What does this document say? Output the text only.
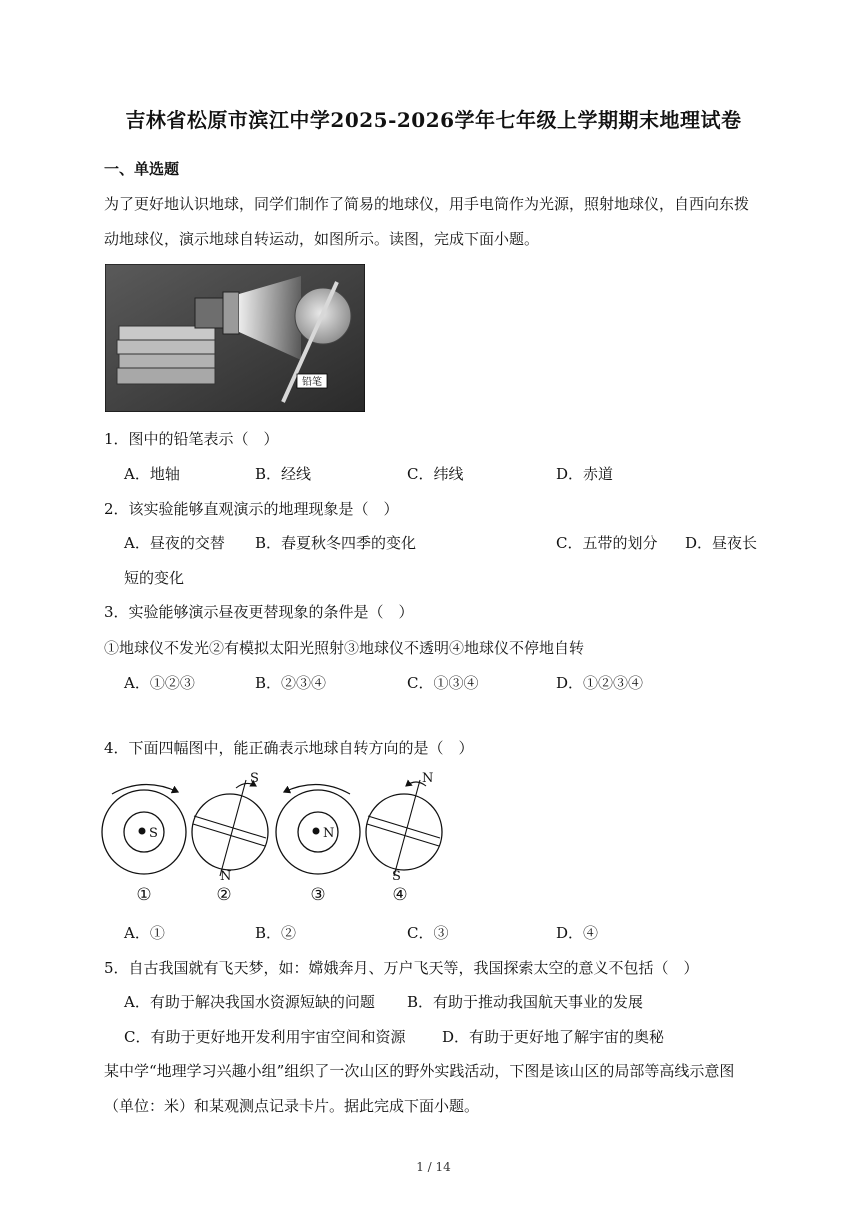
吉林省松原市滨江中学2025-2026学年七年级上学期期末地理试卷
一、单选题
为了更好地认识地球，同学们制作了简易的地球仪，用手电筒作为光源，照射地球仪，自西向东拨
动地球仪，演示地球自转运动，如图所示。读图，完成下面小题。
铅笔
1．图中的铅笔表示（　）
A．地轴	B．经线	C．纬线	D．赤道
2．该实验能够直观演示的地理现象是（　）
A．昼夜的交替 B．春夏秋冬四季的变化	C．五带的划分 D．昼夜长
短的变化
3．实验能够演示昼夜更替现象的条件是（　）
①地球仪不发光②有模拟太阳光照射③地球仪不透明④地球仪不停地自转
A．①②③	B．②③④	C．①③④	D．①②③④
4．下面四幅图中，能正确表示地球自转方向的是（　）
S
①
S
N
②
N
③
N
S
④
A．①	B．②	C．③	D．④
5．自古我国就有飞天梦，如：嫦娥奔月、万户飞天等，我国探索太空的意义不包括（　）
A．有助于解决我国水资源短缺的问题 B．有助于推动我国航天事业的发展
C．有助于更好地开发利用宇宙空间和资源 D．有助于更好地了解宇宙的奥秘
某中学“地理学习兴趣小组”组织了一次山区的野外实践活动，下图是该山区的局部等高线示意图
（单位：米）和某观测点记录卡片。据此完成下面小题。
1 / 14
